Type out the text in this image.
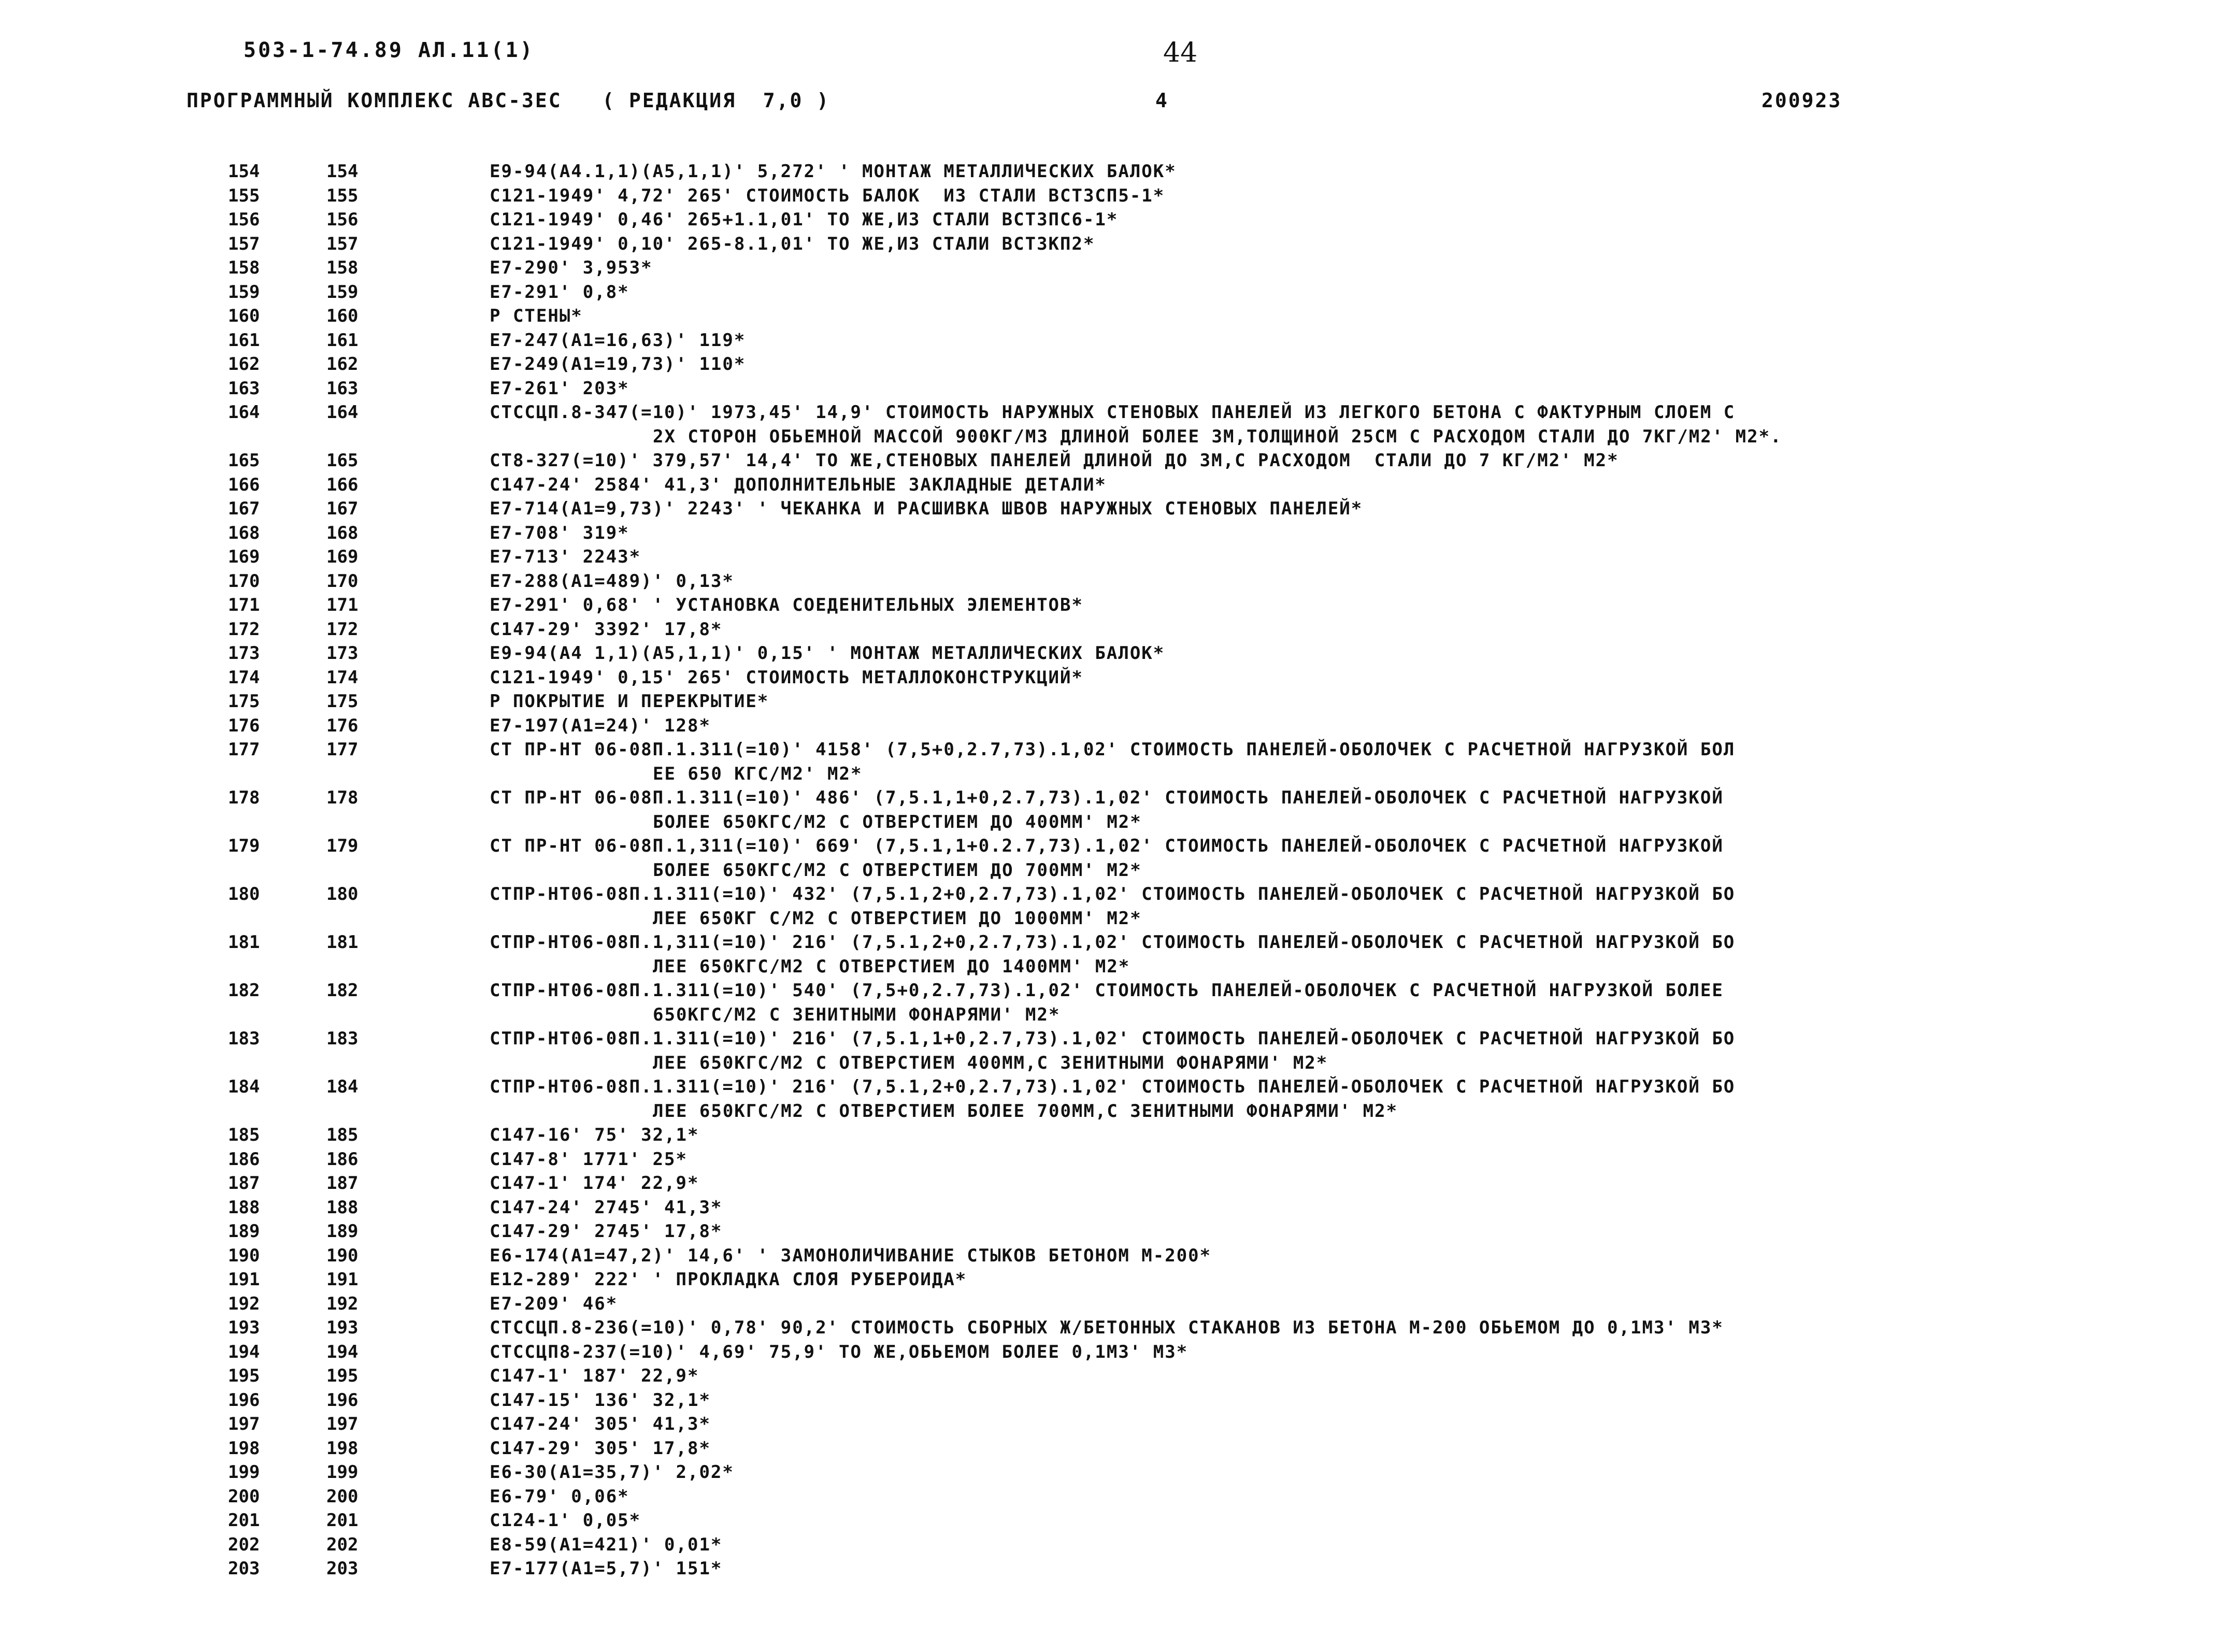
503-1-74.89 АЛ.11(1)	44
ПРОГРАММНЫЙ КОМПЛЕКС АВС-3ЕС   ( РЕДАКЦИЯ  7,0 )	4	200923
154	154	Е9-94(А4.1,1)(А5,1,1)' 5,272' ' МОНТАЖ МЕТАЛЛИЧЕСКИХ БАЛОК*
155	155	С121-1949' 4,72' 265' СТОИМОСТЬ БАЛОК  ИЗ СТАЛИ ВСТ3СП5-1*
156	156	С121-1949' 0,46' 265+1.1,01' ТО ЖЕ,ИЗ СТАЛИ ВСТ3ПС6-1*
157	157	С121-1949' 0,10' 265-8.1,01' ТО ЖЕ,ИЗ СТАЛИ ВСТ3КП2*
158	158	Е7-290' 3,953*
159	159	Е7-291' 0,8*
160	160	Р СТЕНЫ*
161	161	Е7-247(А1=16,63)' 119*
162	162	Е7-249(А1=19,73)' 110*
163	163	Е7-261' 203*
164	164	СТССЦП.8-347(=10)' 1973,45' 14,9' СТОИМОСТЬ НАРУЖНЫХ СТЕНОВЫХ ПАНЕЛЕЙ ИЗ ЛЕГКОГО БЕТОНА С ФАКТУРНЫМ СЛОЕМ С
2Х СТОРОН ОБЬЕМНОЙ МАССОЙ 900КГ/М3 ДЛИНОЙ БОЛЕЕ 3М,ТОЛЩИНОЙ 25СМ С РАСХОДОМ СТАЛИ ДО 7КГ/М2' М2*.
165	165	СТ8-327(=10)' 379,57' 14,4' ТО ЖЕ,СТЕНОВЫХ ПАНЕЛЕЙ ДЛИНОЙ ДО 3М,С РАСХОДОМ  СТАЛИ ДО 7 КГ/М2' М2*
166	166	С147-24' 2584' 41,3' ДОПОЛНИТЕЛЬНЫЕ ЗАКЛАДНЫЕ ДЕТАЛИ*
167	167	Е7-714(А1=9,73)' 2243' ' ЧЕКАНКА И РАСШИВКА ШВОВ НАРУЖНЫХ СТЕНОВЫХ ПАНЕЛЕЙ*
168	168	Е7-708' 319*
169	169	Е7-713' 2243*
170	170	Е7-288(А1=489)' 0,13*
171	171	Е7-291' 0,68' ' УСТАНОВКА СОЕДЕНИТЕЛЬНЫХ ЭЛЕМЕНТОВ*
172	172	С147-29' 3392' 17,8*
173	173	Е9-94(А4 1,1)(А5,1,1)' 0,15' ' МОНТАЖ МЕТАЛЛИЧЕСКИХ БАЛОК*
174	174	С121-1949' 0,15' 265' СТОИМОСТЬ МЕТАЛЛОКОНСТРУКЦИЙ*
175	175	Р ПОКРЫТИЕ И ПЕРЕКРЫТИЕ*
176	176	Е7-197(А1=24)' 128*
177	177	СТ ПР-НТ 06-08П.1.311(=10)' 4158' (7,5+0,2.7,73).1,02' СТОИМОСТЬ ПАНЕЛЕЙ-ОБОЛОЧЕК С РАСЧЕТНОЙ НАГРУЗКОЙ БОЛ
ЕЕ 650 КГС/М2' М2*
178	178	СТ ПР-НТ 06-08П.1.311(=10)' 486' (7,5.1,1+0,2.7,73).1,02' СТОИМОСТЬ ПАНЕЛЕЙ-ОБОЛОЧЕК С РАСЧЕТНОЙ НАГРУЗКОЙ
БОЛЕЕ 650КГС/М2 С ОТВЕРСТИЕМ ДО 400ММ' М2*
179	179	СТ ПР-НТ 06-08П.1,311(=10)' 669' (7,5.1,1+0.2.7,73).1,02' СТОИМОСТЬ ПАНЕЛЕЙ-ОБОЛОЧЕК С РАСЧЕТНОЙ НАГРУЗКОЙ
БОЛЕЕ 650КГС/М2 С ОТВЕРСТИЕМ ДО 700ММ' М2*
180	180	СТПР-НТ06-08П.1.311(=10)' 432' (7,5.1,2+0,2.7,73).1,02' СТОИМОСТЬ ПАНЕЛЕЙ-ОБОЛОЧЕК С РАСЧЕТНОЙ НАГРУЗКОЙ БО
ЛЕЕ 650КГ С/М2 С ОТВЕРСТИЕМ ДО 1000ММ' М2*
181	181	СТПР-НТ06-08П.1,311(=10)' 216' (7,5.1,2+0,2.7,73).1,02' СТОИМОСТЬ ПАНЕЛЕЙ-ОБОЛОЧЕК С РАСЧЕТНОЙ НАГРУЗКОЙ БО
ЛЕЕ 650КГС/М2 С ОТВЕРСТИЕМ ДО 1400ММ' М2*
182	182	СТПР-НТ06-08П.1.311(=10)' 540' (7,5+0,2.7,73).1,02' СТОИМОСТЬ ПАНЕЛЕЙ-ОБОЛОЧЕК С РАСЧЕТНОЙ НАГРУЗКОЙ БОЛЕЕ
650КГС/М2 С ЗЕНИТНЫМИ ФОНАРЯМИ' М2*
183	183	СТПР-НТ06-08П.1.311(=10)' 216' (7,5.1,1+0,2.7,73).1,02' СТОИМОСТЬ ПАНЕЛЕЙ-ОБОЛОЧЕК С РАСЧЕТНОЙ НАГРУЗКОЙ БО
ЛЕЕ 650КГС/М2 С ОТВЕРСТИЕМ 400ММ,С ЗЕНИТНЫМИ ФОНАРЯМИ' М2*
184	184	СТПР-НТ06-08П.1.311(=10)' 216' (7,5.1,2+0,2.7,73).1,02' СТОИМОСТЬ ПАНЕЛЕЙ-ОБОЛОЧЕК С РАСЧЕТНОЙ НАГРУЗКОЙ БО
ЛЕЕ 650КГС/М2 С ОТВЕРСТИЕМ БОЛЕЕ 700ММ,С ЗЕНИТНЫМИ ФОНАРЯМИ' М2*
185	185	С147-16' 75' 32,1*
186	186	С147-8' 1771' 25*
187	187	С147-1' 174' 22,9*
188	188	С147-24' 2745' 41,3*
189	189	С147-29' 2745' 17,8*
190	190	Е6-174(А1=47,2)' 14,6' ' ЗАМОНОЛИЧИВАНИЕ СТЫКОВ БЕТОНОМ М-200*
191	191	Е12-289' 222' ' ПРОКЛАДКА СЛОЯ РУБЕРОИДА*
192	192	Е7-209' 46*
193	193	СТССЦП.8-236(=10)' 0,78' 90,2' СТОИМОСТЬ СБОРНЫХ Ж/БЕТОННЫХ СТАКАНОВ ИЗ БЕТОНА М-200 ОБЬЕМОМ ДО 0,1М3' М3*
194	194	СТССЦП8-237(=10)' 4,69' 75,9' ТО ЖЕ,ОБЬЕМОМ БОЛЕЕ 0,1М3' М3*
195	195	С147-1' 187' 22,9*
196	196	С147-15' 136' 32,1*
197	197	С147-24' 305' 41,3*
198	198	С147-29' 305' 17,8*
199	199	Е6-30(А1=35,7)' 2,02*
200	200	Е6-79' 0,06*
201	201	С124-1' 0,05*
202	202	Е8-59(А1=421)' 0,01*
203	203	Е7-177(А1=5,7)' 151*
